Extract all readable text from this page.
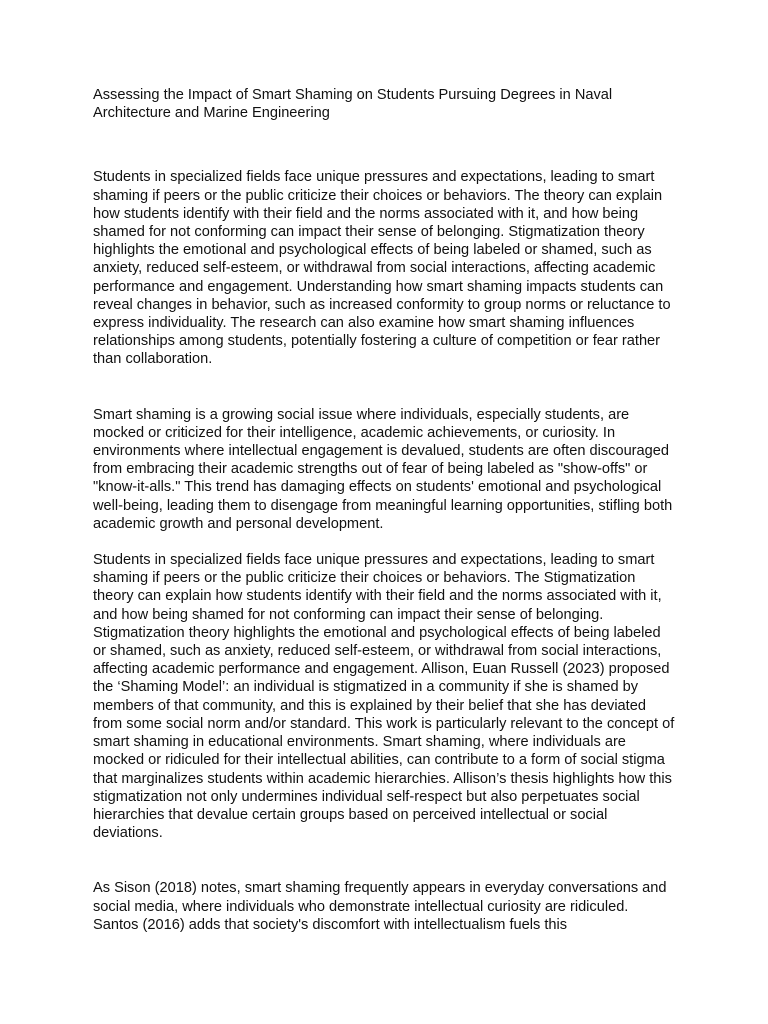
Assessing the Impact of Smart Shaming on Students Pursuing Degrees in Naval Architecture and Marine Engineering

Students in specialized fields face unique pressures and expectations, leading to smart shaming if peers or the public criticize their choices or behaviors. The theory can explain how students identify with their field and the norms associated with it, and how being shamed for not conforming can impact their sense of belonging. Stigmatization theory highlights the emotional and psychological effects of being labeled or shamed, such as anxiety, reduced self-esteem, or withdrawal from social interactions, affecting academic performance and engagement. Understanding how smart shaming impacts students can reveal changes in behavior, such as increased conformity to group norms or reluctance to express individuality. The research can also examine how smart shaming influences relationships among students, potentially fostering a culture of competition or fear rather than collaboration.

Smart shaming is a growing social issue where individuals, especially students, are mocked or criticized for their intelligence, academic achievements, or curiosity. In environments where intellectual engagement is devalued, students are often discouraged from embracing their academic strengths out of fear of being labeled as "show-offs" or "know-it-alls." This trend has damaging effects on students' emotional and psychological well-being, leading them to disengage from meaningful learning opportunities, stifling both academic growth and personal development.

Students in specialized fields face unique pressures and expectations, leading to smart shaming if peers or the public criticize their choices or behaviors. The Stigmatization theory can explain how students identify with their field and the norms associated with it, and how being shamed for not conforming can impact their sense of belonging. Stigmatization theory highlights the emotional and psychological effects of being labeled or shamed, such as anxiety, reduced self-esteem, or withdrawal from social interactions, affecting academic performance and engagement. Allison, Euan Russell (2023) proposed the ‘Shaming Model’: an individual is stigmatized in a community if she is shamed by members of that community, and this is explained by their belief that she has deviated from some social norm and/or standard. This work is particularly relevant to the concept of smart shaming in educational environments. Smart shaming, where individuals are mocked or ridiculed for their intellectual abilities, can contribute to a form of social stigma that marginalizes students within academic hierarchies. Allison’s thesis highlights how this stigmatization not only undermines individual self-respect but also perpetuates social hierarchies that devalue certain groups based on perceived intellectual or social deviations.

As Sison (2018) notes, smart shaming frequently appears in everyday conversations and social media, where individuals who demonstrate intellectual curiosity are ridiculed. Santos (2016) adds that society's discomfort with intellectualism fuels this
